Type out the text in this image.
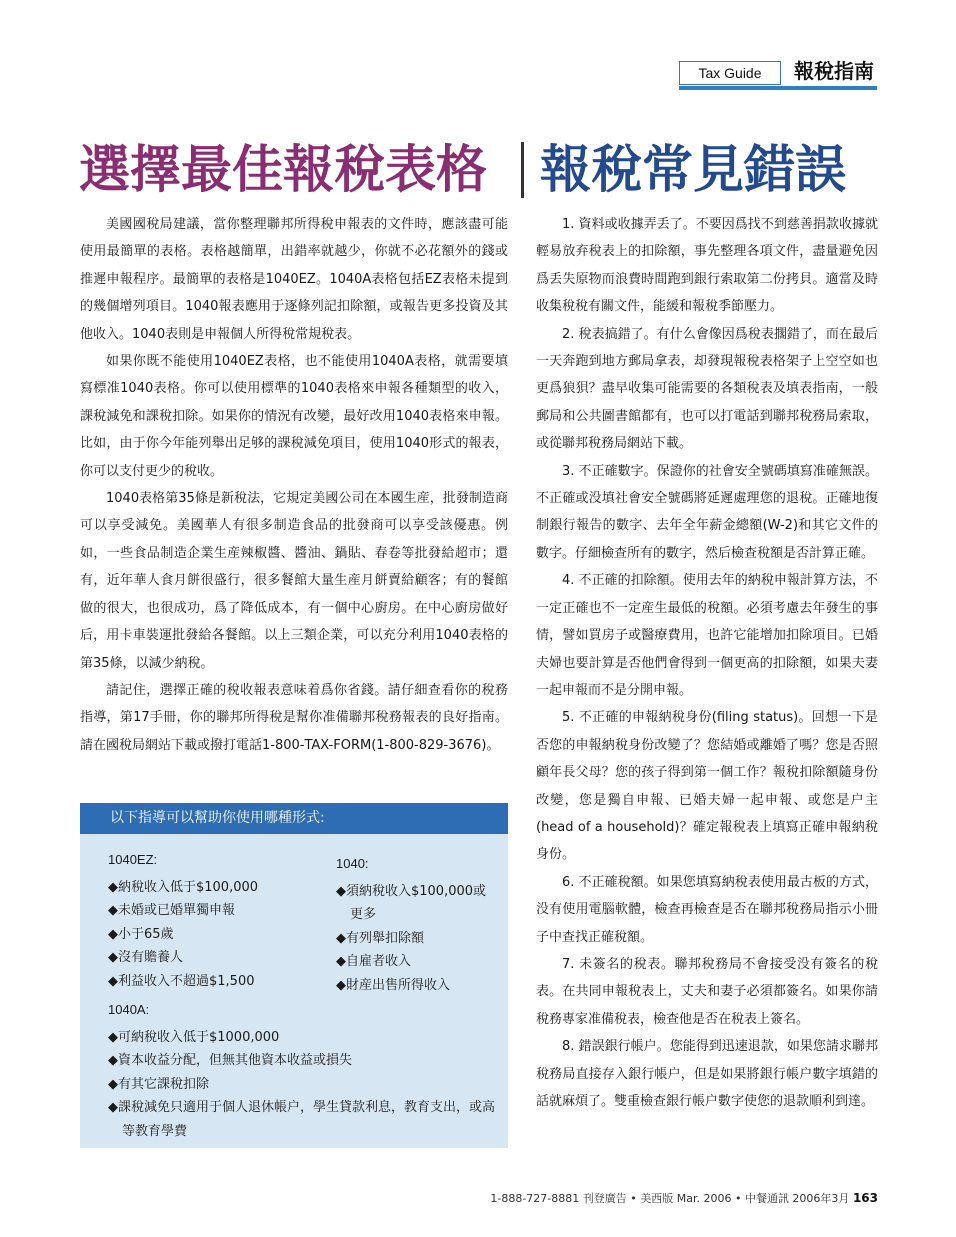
Tax Guide	報稅指南
選擇最佳報稅表格 報稅常見錯誤

美國國稅局建議，當你整理聯邦所得稅申報表的文件時，應該盡可能使用最簡單的表格。表格越簡單，出錯率就越少，你就不必花額外的錢或推遲申報程序。最簡單的表格是1040EZ。1040A表格包括EZ表格未提到的幾個增列項目。1040報表應用于逐條列記扣除額，或報告更多投資及其他收入。1040表則是申報個人所得稅常規稅表。

如果你既不能使用1040EZ表格，也不能使用1040A表格，就需要填寫標准1040表格。你可以使用標準的1040表格來申報各種類型的收入，課稅減免和課稅扣除。如果你的情況有改變，最好改用1040表格來申報。比如，由于你今年能列舉出足够的課稅減免項目，使用1040形式的報表，你可以支付更少的稅收。

1040表格第35條是新稅法，它規定美國公司在本國生産，批發制造商可以享受減免。美國華人有很多制造食品的批發商可以享受該優惠。例如，一些食品制造企業生産辣椒醬、醬油、鍋貼、春卷等批發給超市；還有，近年華人食月餅很盛行，很多餐館大量生産月餅賣給顧客；有的餐館做的很大，也很成功，爲了降低成本，有一個中心廚房。在中心廚房做好后，用卡車裝運批發給各餐館。以上三類企業，可以充分利用1040表格的第35條，以減少納稅。

請記住，選擇正確的稅收報表意味着爲你省錢。請仔細查看你的稅務指導，第17手冊，你的聯邦所得稅是幫你准備聯邦稅務報表的良好指南。請在國稅局網站下載或撥打電話1-800-TAX-FORM(1-800-829-3676)。

以下指導可以幫助你使用哪種形式:
1040EZ:
◆納稅收入低于$100,000
◆未婚或已婚單獨申報
◆小于65歲
◆沒有贍養人
◆利益收入不超過$1,500
1040:
◆須納稅收入$100,000或更多
◆有列舉扣除額
◆自雇者收入
◆財産出售所得收入
1040A:
◆可納稅收入低于$1000,000
◆資本收益分配，但無其他資本收益或損失
◆有其它課稅扣除
◆課稅減免只適用于個人退休帳户，學生貸款利息，教育支出，或高等教育學費

1. 資料或收據弄丢了。不要因爲找不到慈善捐款收據就輕易放弃稅表上的扣除額，事先整理各項文件，盡量避免因爲丢失原物而浪費時間跑到銀行索取第二份拷貝。適當及時收集稅稅有關文件，能緩和報稅季節壓力。

2. 稅表搞錯了。有什么會像因爲稅表擱錯了，而在最后一天奔跑到地方郵局拿表，却發現報稅表格架子上空空如也更爲狼狽？盡早收集可能需要的各類稅表及填表指南，一般郵局和公共圖書館都有，也可以打電話到聯邦稅務局索取，或從聯邦稅務局網站下載。

3. 不正確數字。保證你的社會安全號碼填寫准確無誤。不正確或没填社會安全號碼將延遲處理您的退稅。正確地復制銀行報告的數字、去年全年薪金總額(W-2)和其它文件的數字。仔細檢查所有的數字，然后檢查稅額是否計算正確。

4. 不正確的扣除額。使用去年的納稅申報計算方法，不一定正確也不一定産生最低的稅額。必須考慮去年發生的事情，譬如買房子或醫療費用，也許它能增加扣除項目。已婚夫婦也要計算是否他們會得到一個更高的扣除額，如果夫妻一起申報而不是分開申報。

5. 不正確的申報納稅身份(filing status)。回想一下是否您的申報納稅身份改變了？您結婚或離婚了嗎？您是否照顧年長父母？您的孩子得到第一個工作？報稅扣除額隨身份改變，您是獨自申報、已婚夫婦一起申報、或您是户主(head of a household)？確定報稅表上填寫正確申報納稅身份。

6. 不正確稅額。如果您填寫納稅表使用最古板的方式，没有使用電腦軟體，檢查再檢查是否在聯邦稅務局指示小冊子中查找正確稅額。

7. 未簽名的稅表。聯邦稅務局不會接受没有簽名的稅表。在共同申報稅表上，丈夫和妻子必須都簽名。如果你請稅務專家准備稅表，檢查他是否在稅表上簽名。

8. 錯誤銀行帳户。您能得到迅速退款，如果您請求聯邦稅務局直接存入銀行帳户，但是如果將銀行帳户數字填錯的話就麻煩了。雙重檢查銀行帳户數字使您的退款順利到達。

1-888-727-8881 刊登廣告 • 美西版 Mar. 2006 • 中餐通訊 2006年3月 163
